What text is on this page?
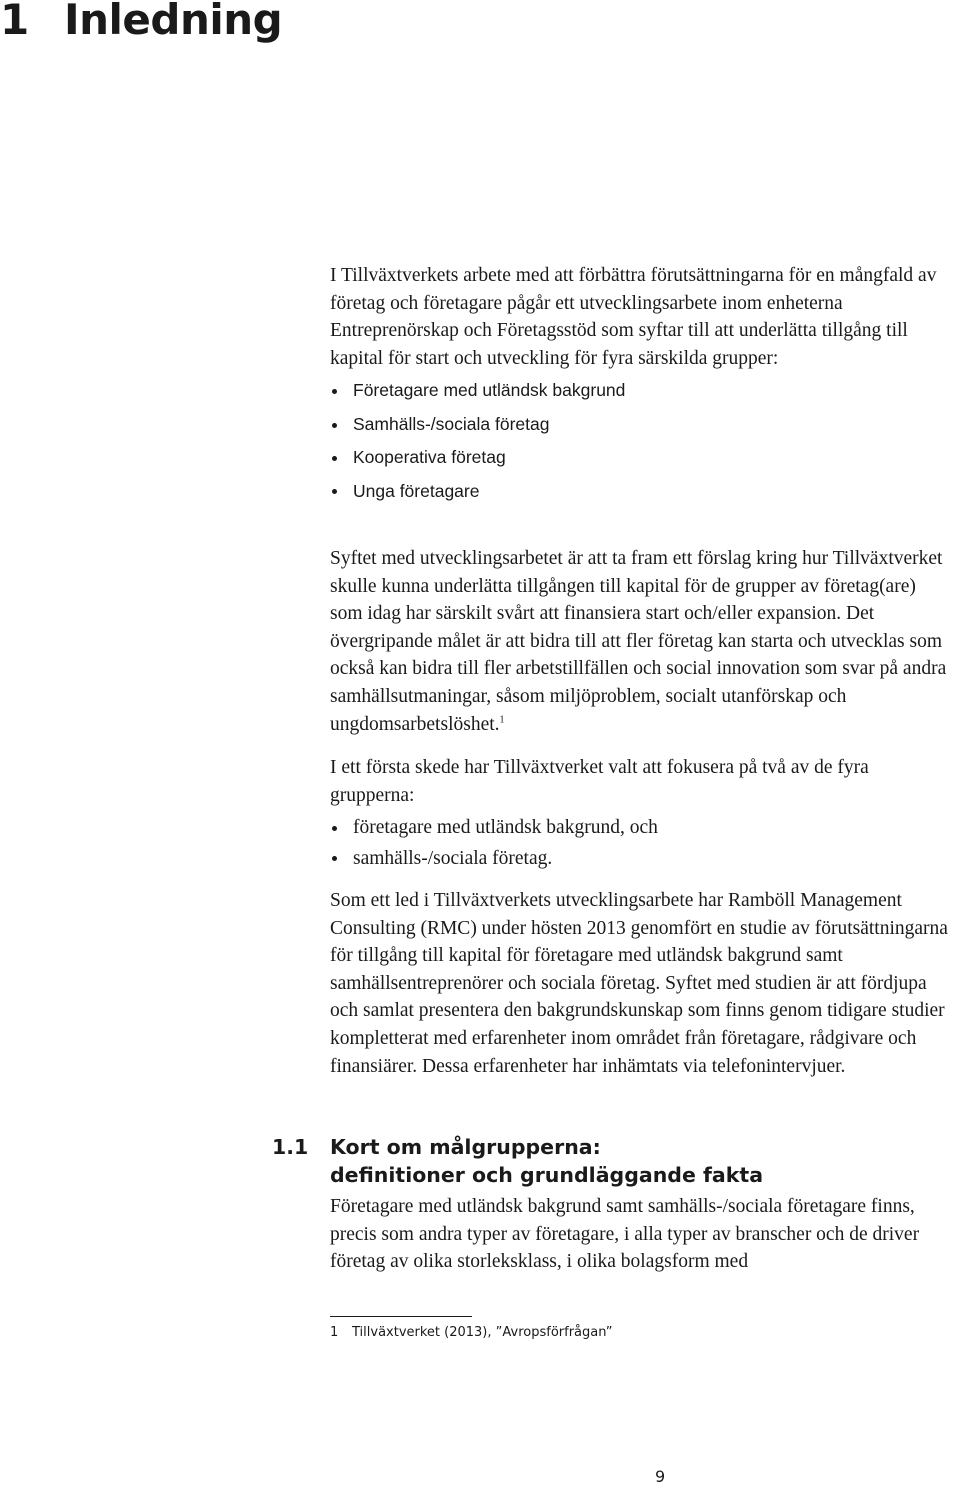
1 Inledning

I Tillväxtverkets arbete med att förbättra förutsättningarna för en mångfald av företag och företagare pågår ett utvecklingsarbete inom enheterna Entreprenörskap och Företagsstöd som syftar till att underlätta tillgång till kapital för start och utveckling för fyra särskilda grupper:

Företagare med utländsk bakgrund
Samhälls-/sociala företag
Kooperativa företag
Unga företagare

Syftet med utvecklingsarbetet är att ta fram ett förslag kring hur Tillväxtverket skulle kunna underlätta tillgången till kapital för de grupper av företag(are) som idag har särskilt svårt att finansiera start och/eller expansion. Det övergripande målet är att bidra till att fler företag kan starta och utvecklas som också kan bidra till fler arbetstillfällen och social innovation som svar på andra samhällsutmaningar, såsom miljöproblem, socialt utanförskap och ungdomsarbetslöshet.$^1$

I ett första skede har Tillväxtverket valt att fokusera på två av de fyra grupperna:

företagare med utländsk bakgrund, och
samhälls-/sociala företag.

Som ett led i Tillväxtverkets utvecklingsarbete har Ramböll Management Consulting (RMC) under hösten 2013 genomfört en studie av förutsättningarna för tillgång till kapital för företagare med utländsk bakgrund samt samhällsentreprenörer och sociala företag. Syftet med studien är att fördjupa och samlat presentera den bakgrundskunskap som finns genom tidigare studier kompletterat med erfarenheter inom området från företagare, rådgivare och finansiärer. Dessa erfarenheter har inhämtats via telefonintervjuer.

1.1 Kort om målgrupperna:
definitioner och grundläggande fakta

Företagare med utländsk bakgrund samt samhälls-/sociala företagare finns, precis som andra typer av företagare, i alla typer av branscher och de driver företag av olika storleksklass, i olika bolagsform med

1 Tillväxtverket (2013), ”Avropsförfrågan”
9
